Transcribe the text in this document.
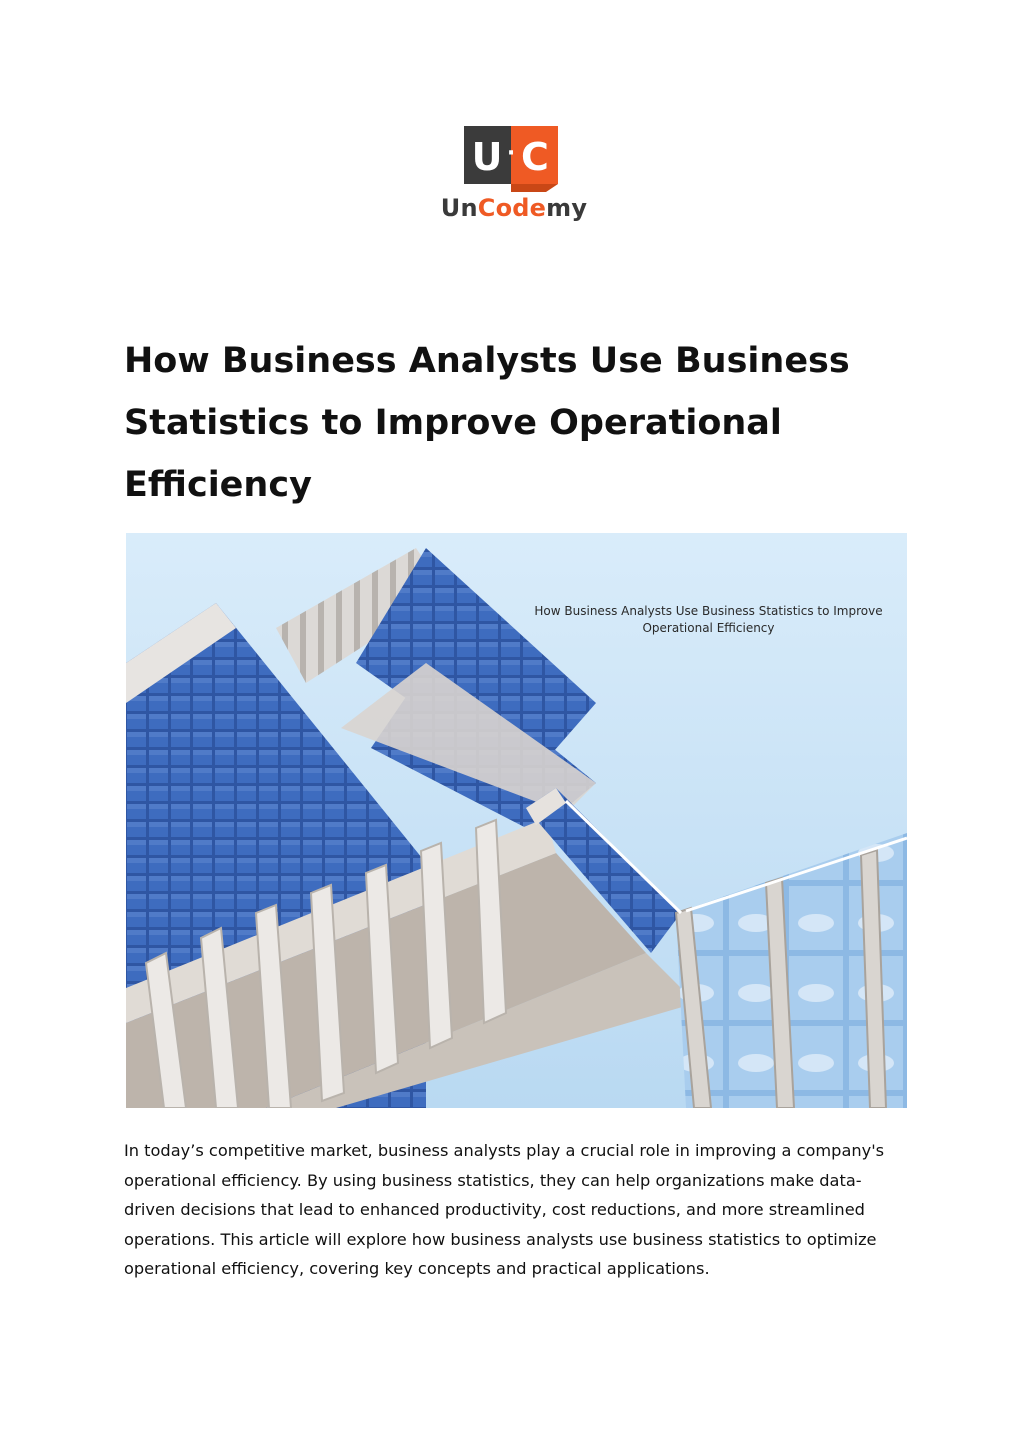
U · C
UnCodemy
How Business Analysts Use Business Statistics to Improve Operational Efficiency
How Business Analysts Use Business Statistics to Improve Operational Efficiency

In today’s competitive market, business analysts play a crucial role in improving a company's operational efficiency. By using business statistics, they can help organizations make data-driven decisions that lead to enhanced productivity, cost reductions, and more streamlined operations. This article will explore how business analysts use business statistics to optimize operational efficiency, covering key concepts and practical applications.
